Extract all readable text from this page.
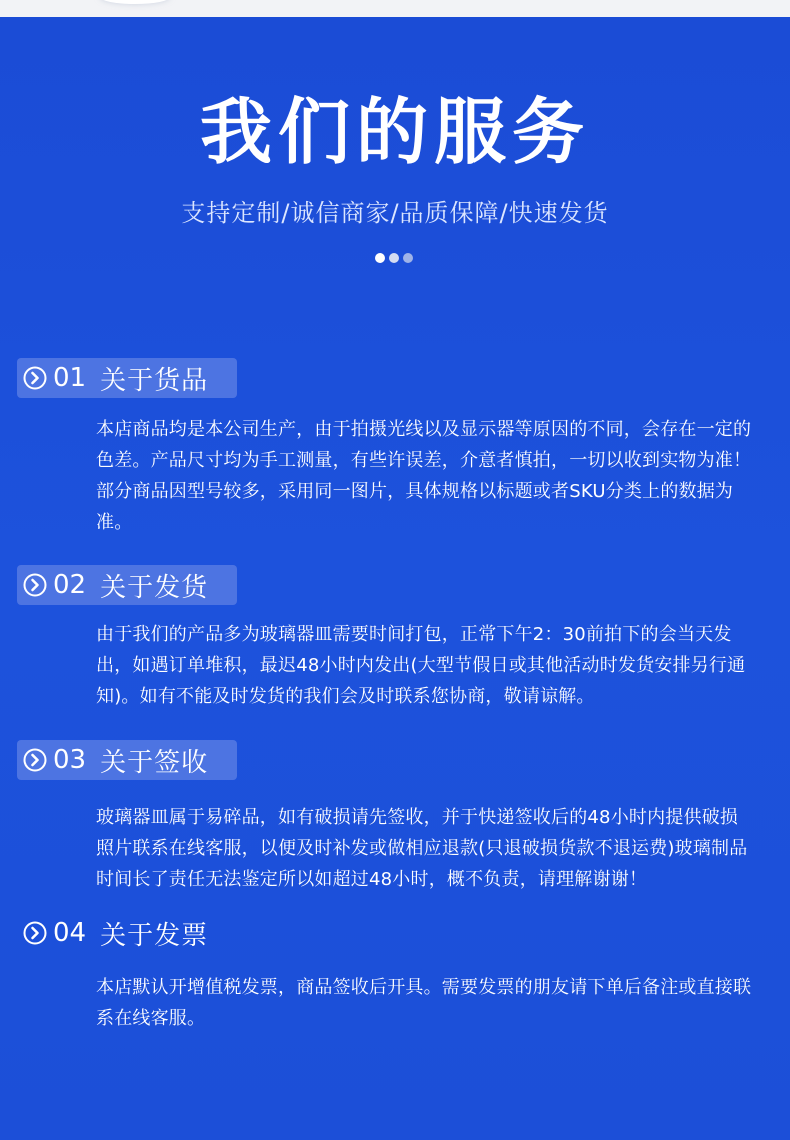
我们的服务
支持定制/诚信商家/品质保障/快速发货
01 关于货品
本店商品均是本公司生产，由于拍摄光线以及显示器等原因的不同，会存在一定的色差。产品尺寸均为手工测量，有些许误差，介意者慎拍，一切以收到实物为准！部分商品因型号较多，采用同一图片，具体规格以标题或者SKU分类上的数据为准。
02 关于发货
由于我们的产品多为玻璃器皿需要时间打包，正常下午2：30前拍下的会当天发出，如遇订单堆积，最迟48小时内发出(大型节假日或其他活动时发货安排另行通知)。如有不能及时发货的我们会及时联系您协商，敬请谅解。
03 关于签收
玻璃器皿属于易碎品，如有破损请先签收，并于快递签收后的48小时内提供破损照片联系在线客服，以便及时补发或做相应退款(只退破损货款不退运费)玻璃制品时间长了责任无法鉴定所以如超过48小时，概不负责，请理解谢谢！
04 关于发票
本店默认开增值税发票，商品签收后开具。需要发票的朋友请下单后备注或直接联系在线客服。
